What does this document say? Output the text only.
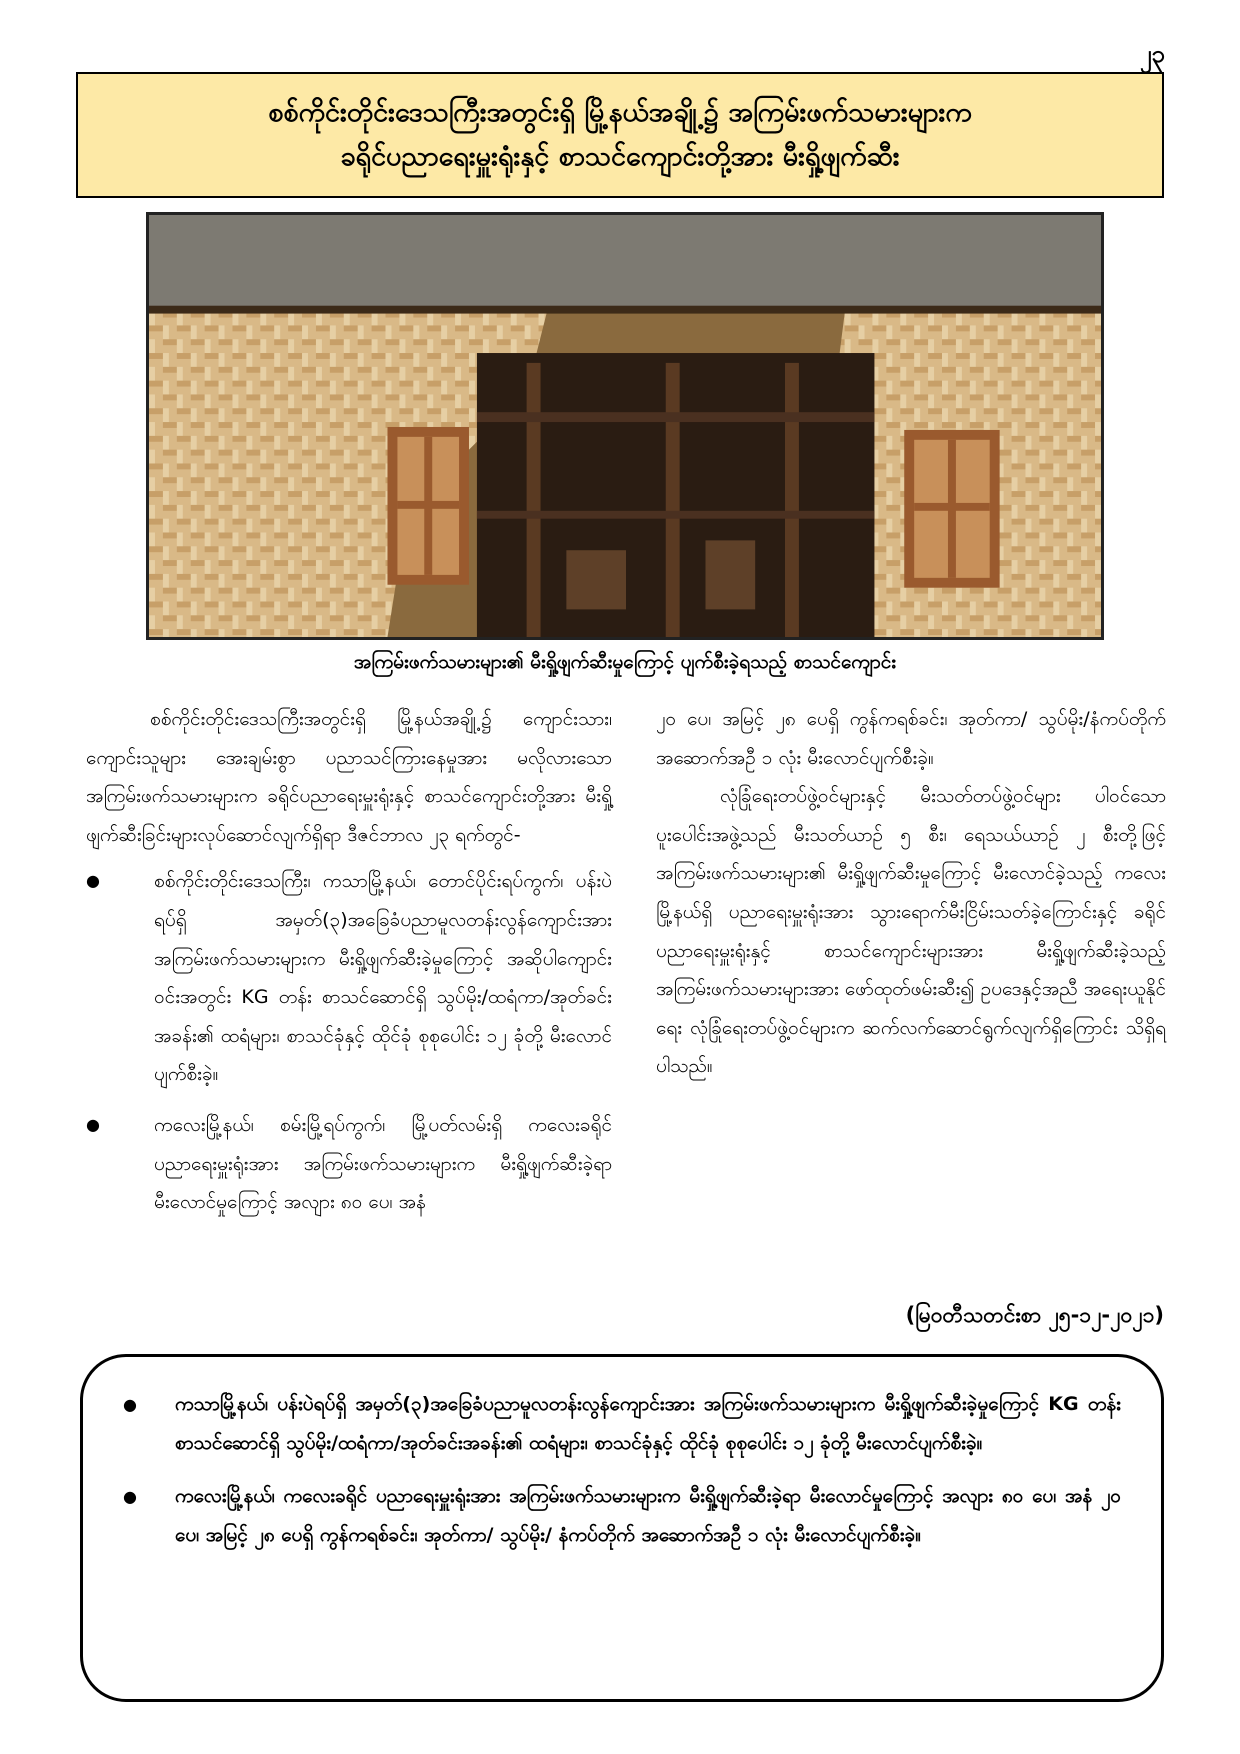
၂၃
စစ်ကိုင်းတိုင်းဒေသကြီးအတွင်းရှိ မြို့နယ်အချို့၌ အကြမ်းဖက်သမားများက
ခရိုင်ပညာရေးမှူးရုံးနှင့် စာသင်ကျောင်းတို့အား မီးရှို့ဖျက်ဆီး
အကြမ်းဖက်သမားများ၏ မီးရှို့ဖျက်ဆီးမှုကြောင့် ပျက်စီးခဲ့ရသည့် စာသင်ကျောင်း

စစ်ကိုင်းတိုင်းဒေသကြီးအတွင်းရှိ မြို့နယ်အချို့၌ ကျောင်းသား၊ ကျောင်းသူများ အေးချမ်းစွာ ပညာသင်ကြားနေမှုအား မလိုလားသော အကြမ်းဖက်သမားများက ခရိုင်ပညာရေးမှူးရုံးနှင့် စာသင်ကျောင်းတို့အား မီးရှို့ဖျက်ဆီးခြင်းများလုပ်ဆောင်လျက်ရှိရာ ဒီဇင်ဘာလ ၂၃ ရက်တွင်-

● စစ်ကိုင်းတိုင်းဒေသကြီး၊ ကသာမြို့နယ်၊ တောင်ပိုင်းရပ်ကွက်၊ ပန်းပဲရပ်ရှိ အမှတ်(၃)အခြေခံပညာမူလတန်းလွန်ကျောင်းအား အကြမ်းဖက်သမားများက မီးရှို့ဖျက်ဆီးခဲ့မှုကြောင့် အဆိုပါကျောင်းဝင်းအတွင်း KG တန်း စာသင်ဆောင်ရှိ သွပ်မိုး/ထရံကာ/အုတ်ခင်းအခန်း၏ ထရံများ၊ စာသင်ခုံနှင့် ထိုင်ခုံ စုစုပေါင်း ၁၂ ခုံတို့ မီးလောင်ပျက်စီးခဲ့။
● ကလေးမြို့နယ်၊ စမ်းမြို့ရပ်ကွက်၊ မြို့ပတ်လမ်းရှိ ကလေးခရိုင်ပညာရေးမှူးရုံးအား အကြမ်းဖက်သမားများက မီးရှို့ဖျက်ဆီးခဲ့ရာ မီးလောင်မှုကြောင့် အလျား ၈၀ ပေ၊ အနံ

၂၀ ပေ၊ အမြင့် ၂၈ ပေရှိ ကွန်ကရစ်ခင်း၊ အုတ်ကာ/ သွပ်မိုး/နံကပ်တိုက်အဆောက်အဦ ၁ လုံး မီးလောင်ပျက်စီးခဲ့။

လုံခြုံရေးတပ်ဖွဲ့ဝင်များနှင့် မီးသတ်တပ်ဖွဲ့ဝင်များ ပါဝင်သော ပူးပေါင်းအဖွဲ့သည် မီးသတ်ယာဉ် ၅ စီး၊ ရေသယ်ယာဉ် ၂ စီးတို့ဖြင့် အကြမ်းဖက်သမားများ၏ မီးရှို့ဖျက်ဆီးမှုကြောင့် မီးလောင်ခဲ့သည့် ကလေးမြို့နယ်ရှိ ပညာရေးမှူးရုံးအား သွားရောက်မီးငြိမ်းသတ်ခဲ့ကြောင်းနှင့် ခရိုင်ပညာရေးမှူးရုံးနှင့် စာသင်ကျောင်းများအား မီးရှို့ဖျက်ဆီးခဲ့သည့် အကြမ်းဖက်သမားများအား ဖော်ထုတ်ဖမ်းဆီး၍ ဥပဒေနှင့်အညီ အရေးယူနိုင်ရေး လုံခြုံရေးတပ်ဖွဲ့ဝင်များက ဆက်လက်ဆောင်ရွက်လျက်ရှိကြောင်း သိရှိရပါသည်။

(မြဝတီသတင်းစာ ၂၅-၁၂-၂၀၂၁)
● ကသာမြို့နယ်၊ ပန်းပဲရပ်ရှိ အမှတ်(၃)အခြေခံပညာမူလတန်းလွန်ကျောင်းအား အကြမ်းဖက်သမားများက မီးရှို့ဖျက်ဆီးခဲ့မှုကြောင့် KG တန်းစာသင်ဆောင်ရှိ သွပ်မိုး/ထရံကာ/အုတ်ခင်းအခန်း၏ ထရံများ၊ စာသင်ခုံနှင့် ထိုင်ခုံ စုစုပေါင်း ၁၂ ခုံတို့ မီးလောင်ပျက်စီးခဲ့။
● ကလေးမြို့နယ်၊ ကလေးခရိုင် ပညာရေးမှူးရုံးအား အကြမ်းဖက်သမားများက မီးရှို့ဖျက်ဆီးခဲ့ရာ မီးလောင်မှုကြောင့် အလျား ၈၀ ပေ၊ အနံ ၂၀ ပေ၊ အမြင့် ၂၈ ပေရှိ ကွန်ကရစ်ခင်း၊ အုတ်ကာ/ သွပ်မိုး/ နံကပ်တိုက် အဆောက်အဦ ၁ လုံး မီးလောင်ပျက်စီးခဲ့။
